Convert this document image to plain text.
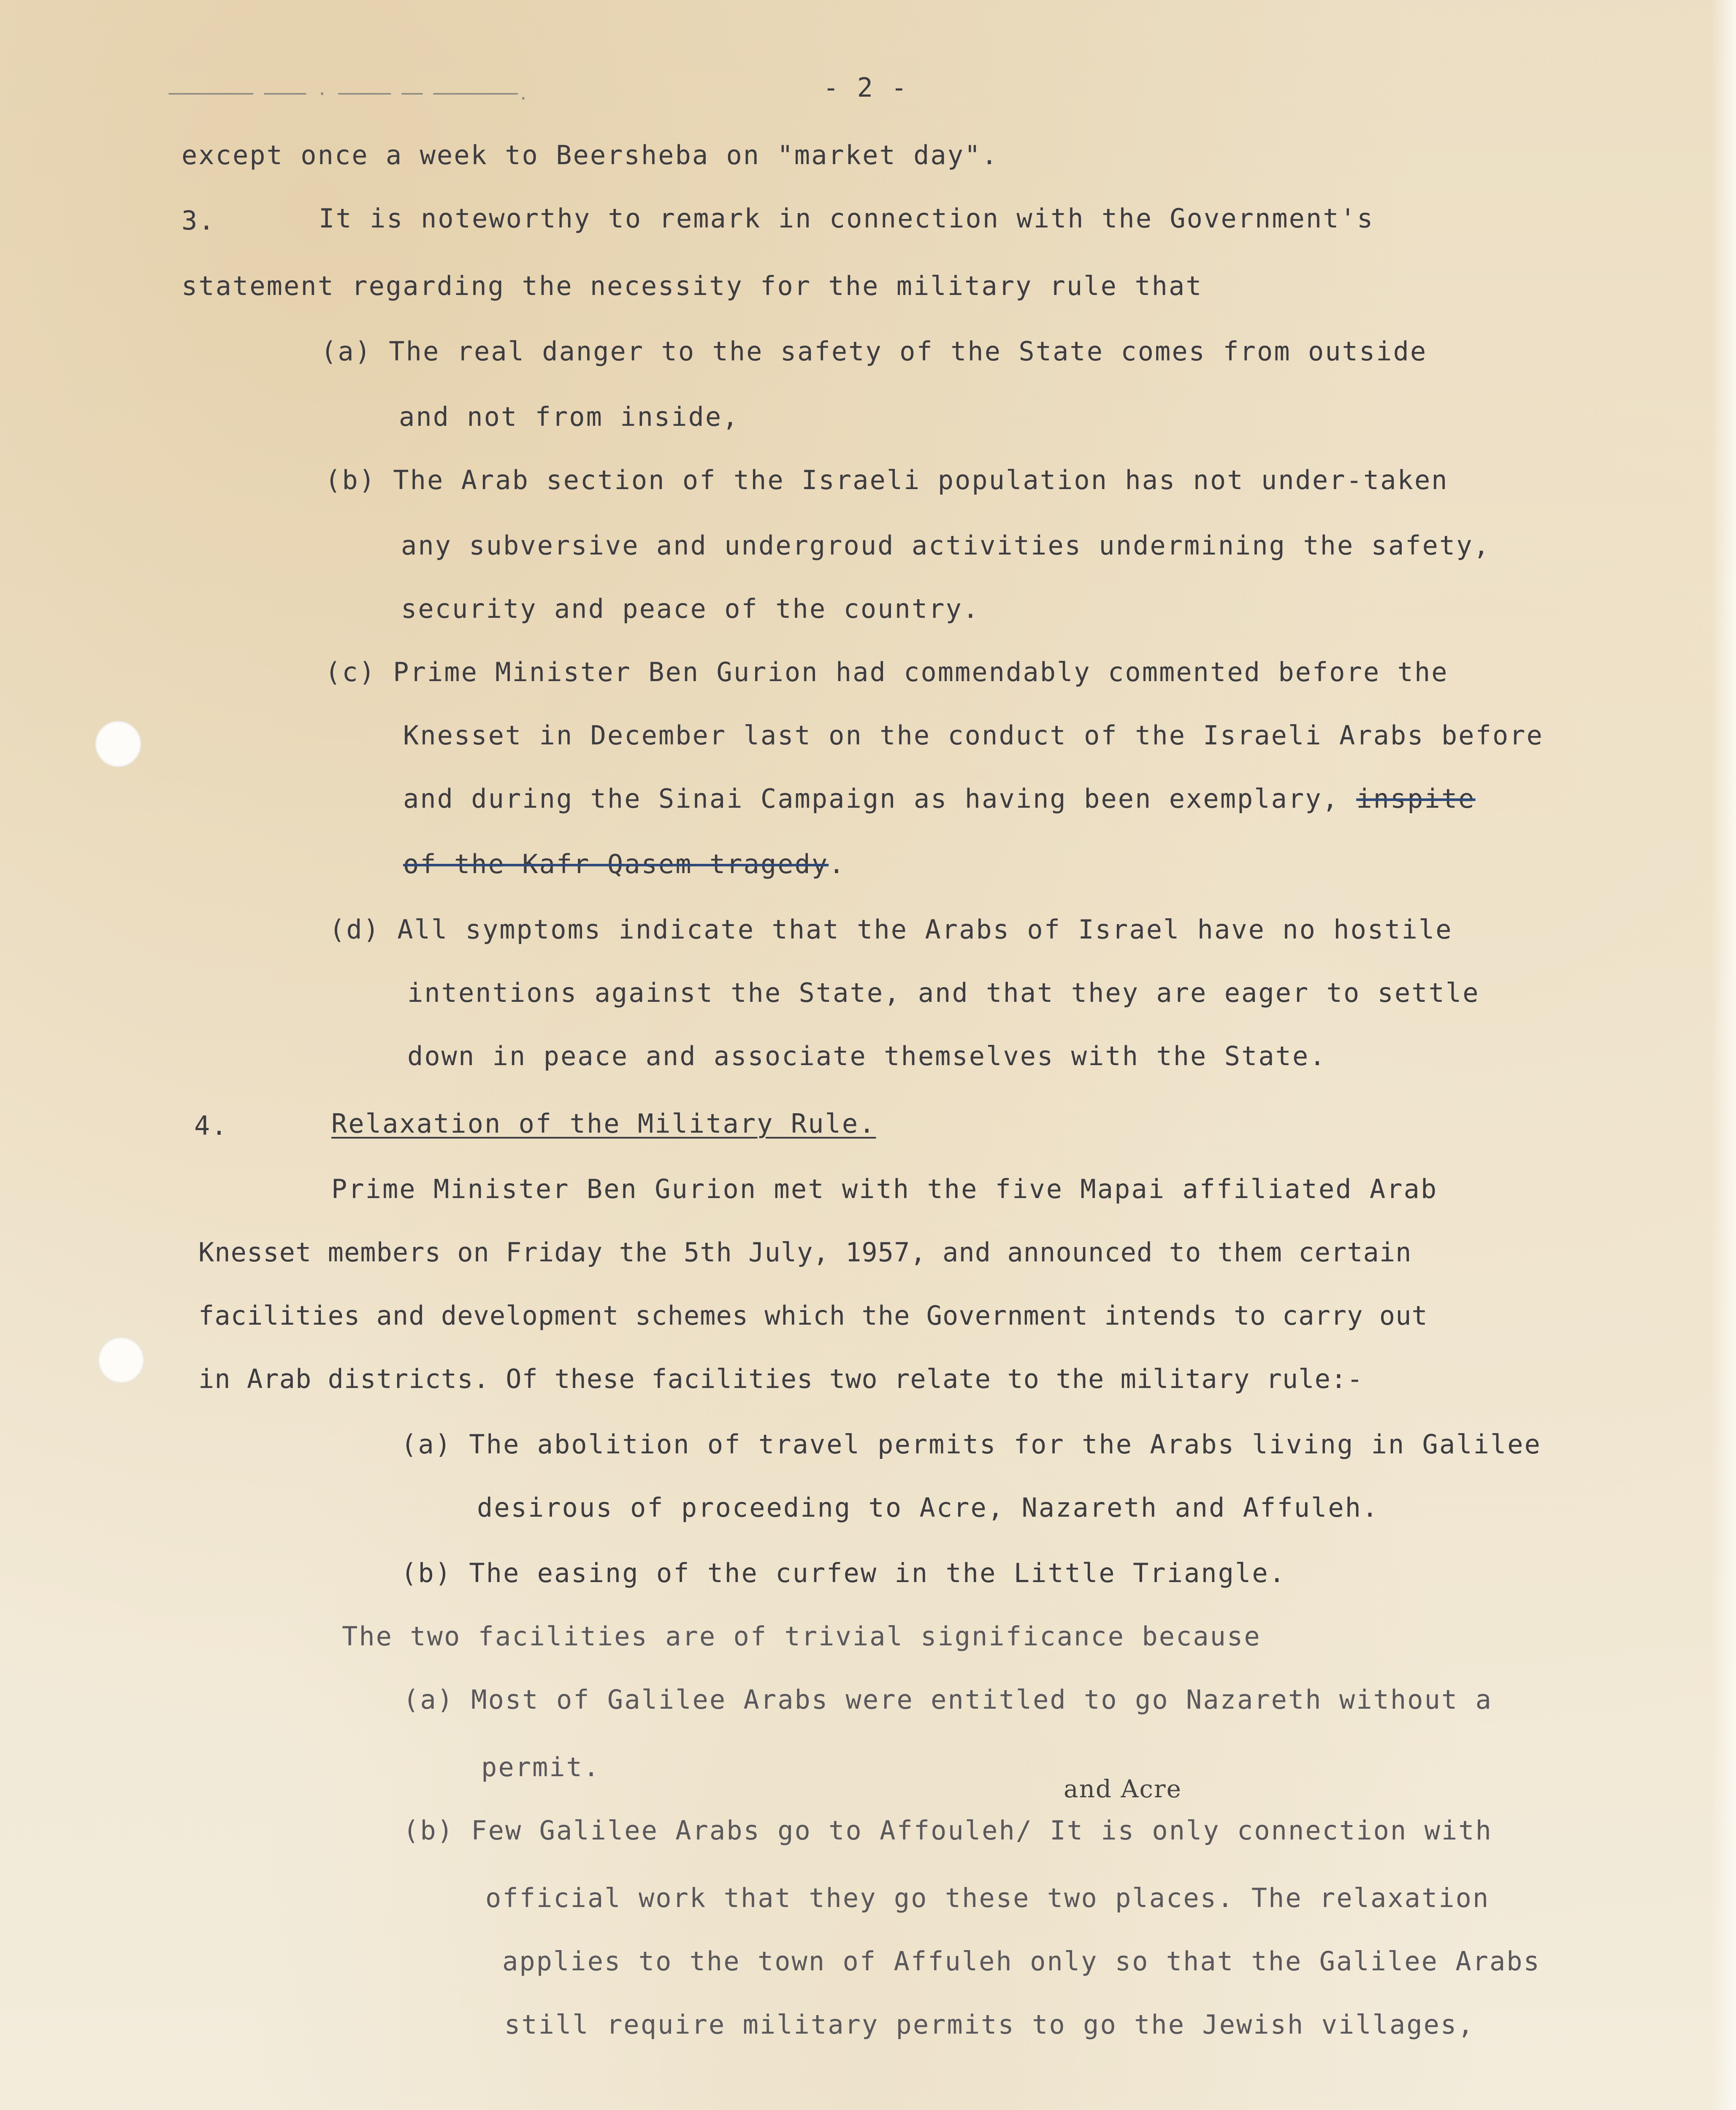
──────── ──── · ───── ── ────────.	- 2 -
except once a week to Beersheba on "market day".
3.	It is noteworthy to remark in connection with the Government's
statement regarding the necessity for the military rule that
(a) The real danger to the safety of the State comes from outside
and not from inside,
(b) The Arab section of the Israeli population has not under-taken
any subversive and undergroud activities undermining the safety,
security and peace of the country.
(c) Prime Minister Ben Gurion had commendably commented before the
Knesset in December last on the conduct of the Israeli Arabs before
and during the Sinai Campaign as having been exemplary, inspite
of the Kafr Qasem tragedy.
(d) All symptoms indicate that the Arabs of Israel have no hostile
intentions against the State, and that they are eager to settle
down in peace and associate themselves with the State.
4.	Relaxation of the Military Rule.
Prime Minister Ben Gurion met with the five Mapai affiliated Arab
Knesset members on Friday the 5th July, 1957, and announced to them certain
facilities and development schemes which the Government intends to carry out
in Arab districts. Of these facilities two relate to the military rule:-
(a) The abolition of travel permits for the Arabs living in Galilee
desirous of proceeding to Acre, Nazareth and Affuleh.
(b) The easing of the curfew in the Little Triangle.
The two facilities are of trivial significance because
(a) Most of Galilee Arabs were entitled to go Nazareth without a
permit.
and Acre
(b) Few Galilee Arabs go to Affouleh/ It is only connection with
official work that they go these two places. The relaxation
applies to the town of Affuleh only so that the Galilee Arabs
still require military permits to go the Jewish villages,
